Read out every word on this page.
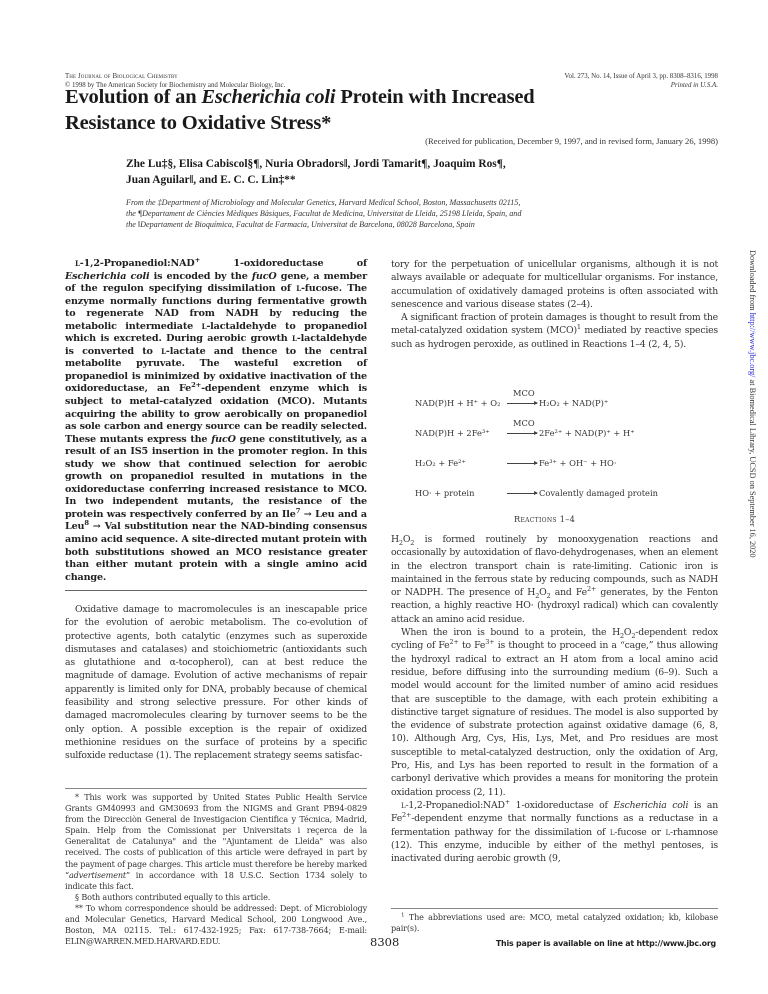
The Journal of Biological Chemistry
© 1998 by The American Society for Biochemistry and Molecular Biology, Inc.
Vol. 273, No. 14, Issue of April 3, pp. 8308–8316, 1998
Printed in U.S.A.
Evolution of an Escherichia coli Protein with Increased
Resistance to Oxidative Stress*
(Received for publication, December 9, 1997, and in revised form, January 26, 1998)
Zhe Lu‡§, Elisa Cabiscol§¶, Nuria Obradors‖, Jordi Tamarit¶, Joaquim Ros¶,
Juan Aguilar‖, and E. C. C. Lin‡**
From the ‡Department of Microbiology and Molecular Genetics, Harvard Medical School, Boston, Massachusetts 02115,
the ¶Departament de Ciències Mèdiques Bàsiques, Facultat de Medicina, Universitat de Lleida, 25198 Lleida, Spain, and
the ‖Departament de Bioquímica, Facultat de Farmacia, Universitat de Barcelona, 08028 Barcelona, Spain
l-1,2-Propanediol:NAD+ 1-oxidoreductase of Escherichia coli is encoded by the fucO gene, a member of the regulon specifying dissimilation of l-fucose. The enzyme normally functions during fermentative growth to regenerate NAD from NADH by reducing the metabolic intermediate l-lactaldehyde to propanediol which is excreted. During aerobic growth l-lactaldehyde is converted to l-lactate and thence to the central metabolite pyruvate. The wasteful excretion of propanediol is minimized by oxidative inactivation of the oxidoreductase, an $Fe^{2+}$-dependent enzyme which is subject to metal-catalyzed oxidation (MCO). Mutants acquiring the ability to grow aerobically on propanediol as sole carbon and energy source can be readily selected. These mutants express the fucO gene constitutively, as a result of an IS5 insertion in the promoter region. In this study we show that continued selection for aerobic growth on propanediol resulted in mutations in the oxidoreductase conferring increased resistance to MCO. In two independent mutants, the resistance of the protein was respectively conferred by an Ile$^7$ → Leu and a Leu$^8$ → Val substitution near the NAD-binding consensus amino acid sequence. A site-directed mutant protein with both substitutions showed an MCO resistance greater than either mutant protein with a single amino acid change.

Oxidative damage to macromolecules is an inescapable price for the evolution of aerobic metabolism. The co-evolution of protective agents, both catalytic (enzymes such as superoxide dismutases and catalases) and stoichiometric (antioxidants such as glutathione and α-tocopherol), can at best reduce the magnitude of damage. Evolution of active mechanisms of repair apparently is limited only for DNA, probably because of chemical feasibility and strong selective pressure. For other kinds of damaged macromolecules clearing by turnover seems to be the only option. A possible exception is the repair of oxidized methionine residues on the surface of proteins by a specific sulfoxide reductase (1). The replacement strategy seems satisfac-

* This work was supported by United States Public Health Service Grants GM40993 and GM30693 from the NIGMS and Grant PB94-0829 from the Direcciòn General de Investigacion Cientifica y Técnica, Madrid, Spain. Help from the Comissionat per Universitats i reçerca de la Generalitat de Catalunya" and the "Ajuntament de Lleida" was also received. The costs of publication of this article were defrayed in part by the payment of page charges. This article must therefore be hereby marked “advertisement” in accordance with 18 U.S.C. Section 1734 solely to indicate this fact.

§ Both authors contributed equally to this article.

** To whom correspondence should be addressed: Dept. of Microbiology and Molecular Genetics, Harvard Medical School, 200 Longwood Ave., Boston, MA 02115. Tel.: 617-432-1925; Fax: 617-738-7664; E-mail: ELIN@WARREN.MED.HARVARD.EDU.

tory for the perpetuation of unicellular organisms, although it is not always available or adequate for multicellular organisms. For instance, accumulation of oxidatively damaged proteins is often associated with senescence and various disease states (2–4).

A significant fraction of protein damages is thought to result from the metal-catalyzed oxidation system (MCO)$^1$ mediated by reactive species such as hydrogen peroxide, as outlined in Reactions 1–4 (2, 4, 5).

NAD(P)H + H⁺ + O₂
MCO
H₂O₂ + NAD(P)⁺
NAD(P)H + 2Fe³⁺
MCO
2Fe²⁺ + NAD(P)⁺ + H⁺
H₂O₂ + Fe²⁺	Fe³⁺ + OH⁻ + HO·
HO· + protein	Covalently damaged protein
Reactions 1–4

$H_2O_2$ is formed routinely by monooxygenation reactions and occasionally by autoxidation of flavo-dehydrogenases, when an element in the electron transport chain is rate-limiting. Cationic iron is maintained in the ferrous state by reducing compounds, such as NADH or NADPH. The presence of $H_2O_2$ and $Fe^{2+}$ generates, by the Fenton reaction, a highly reactive HO· (hydroxyl radical) which can covalently attack an amino acid residue.

When the iron is bound to a protein, the $H_2O_2$-dependent redox cycling of $Fe^{2+}$ to $Fe^{3+}$ is thought to proceed in a “cage,” thus allowing the hydroxyl radical to extract an H atom from a local amino acid residue, before diffusing into the surrounding medium (6–9). Such a model would account for the limited number of amino acid residues that are susceptible to the damage, with each protein exhibiting a distinctive target signature of residues. The model is also supported by the evidence of substrate protection against oxidative damage (6, 8, 10). Although Arg, Cys, His, Lys, Met, and Pro residues are most susceptible to metal-catalyzed destruction, only the oxidation of Arg, Pro, His, and Lys has been reported to result in the formation of a carbonyl derivative which provides a means for monitoring the protein oxidation process (2, 11).

l-1,2-Propanediol:NAD+ 1-oxidoreductase of Escherichia coli is an $Fe^{2+}$-dependent enzyme that normally functions as a reductase in a fermentation pathway for the dissimilation of l-fucose or l-rhamnose (12). This enzyme, inducible by either of the methyl pentoses, is inactivated during aerobic growth (9,

$^1$ The abbreviations used are: MCO, metal catalyzed oxidation; kb, kilobase pair(s).

8308	This paper is available on line at http://www.jbc.org
Downloaded from http://www.jbc.org/ at Biomedical Library, UCSD on September 16, 2020
